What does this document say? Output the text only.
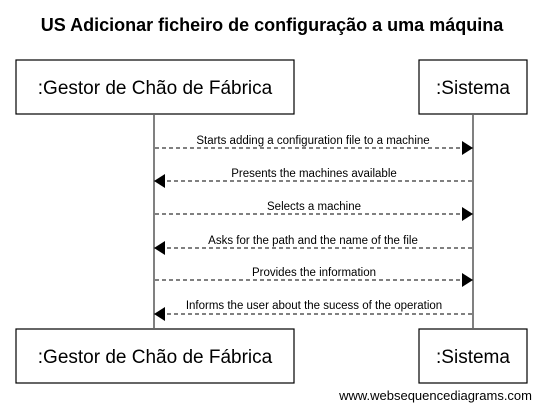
US Adicionar ficheiro de configuração a uma máquina
:Gestor de Chão de Fábrica	:Sistema
Starts adding a configuration file to a machine
Presents the machines available
Selects a machine
Asks for the path and the name of the file
Provides the information
Informs the user about the sucess of the operation
:Gestor de Chão de Fábrica	:Sistema
www.websequencediagrams.com
